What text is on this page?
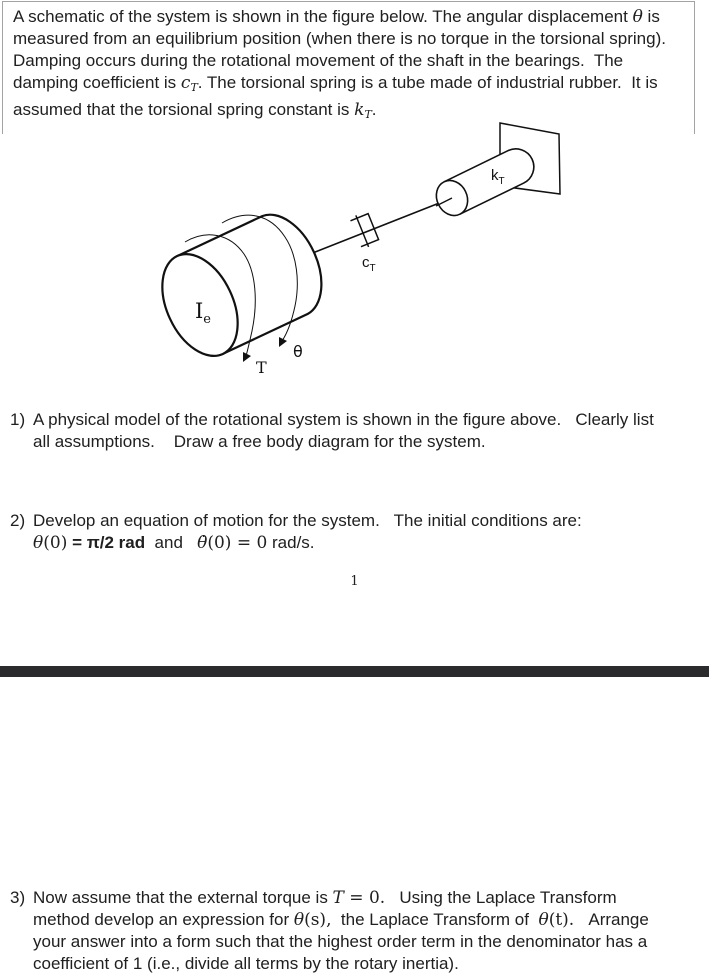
A schematic of the system is shown in the figure below. The angular displacement θ is
measured from an equilibrium position (when there is no torque in the torsional spring).
Damping occurs during the rotational movement of the shaft in the bearings.  The
damping coefficient is $c_T$. The torsional spring is a tube made of industrial rubber.  It is
assumed that the torsional spring constant is $k_T$.
$I_e$
θ
T
$c_T$
$k_T$
1) A physical model of the rotational system is shown in the figure above.   Clearly list
all assumptions.    Draw a free body diagram for the system.
2) Develop an equation of motion for the system.   The initial conditions are:
θ(0) = π/2 rad  and   θ̇(0) = 0 rad/s.
1
3) Now assume that the external torque is T = 0.   Using the Laplace Transform
method develop an expression for θ(s),  the Laplace Transform of  θ(t).   Arrange
your answer into a form such that the highest order term in the denominator has a
coefficient of 1 (i.e., divide all terms by the rotary inertia).
